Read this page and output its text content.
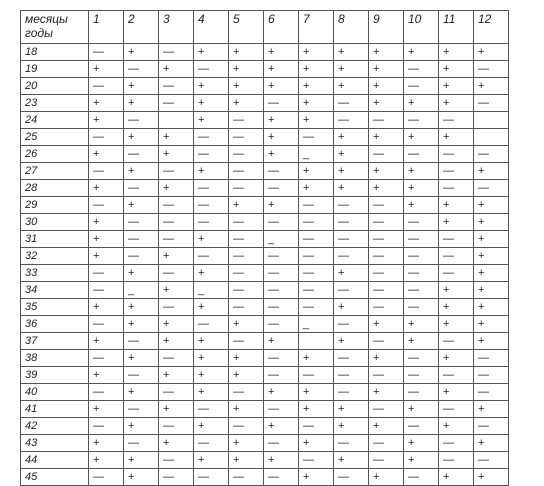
месяцы
годы	1	2	3	4	5	6	7	8	9	10	11	12
18	—	+	—	+	+	+	+	+	+	+	+	+
19	+	—	+	—	+	+	+	+	+	—	+	—
20	—	+	—	+	+	+	+	+	+	—	+	+
23	+	+	—	+	+	—	+	—	+	+	+	—
24	+	—		+	—	+	+	—	—	—	—	
25	—	+	+	—	—	+	—	+	+	+	+	
26	+	—	+	—	—	+	_	+	—	—	—	—
27	—	+	—	+	—	—	+	+	+	+	—	+
28	+	—	+	—	—	—	+	+	+	+	—	—
29	—	+	—	—	+	+	—	—	—	+	+	+
30	+	—	—	—	—	—	—	—	—	—	+	+
31	+	—	—	+	—	_	—	—	—	—	—	+
32	+	—	+	—	—	—	—	—	—	—	—	+
33	—	+	—	+	—	—	—	+	—	—	—	+
34	—	_	+	_	—	—	—	—	—	—	+	+
35	+	+	—	+	—	—	—	+	—	—	+	+
36	—	+	+	—	+	—	_	—	+	+	+	+
37	+	—	+	+	—	+		+	—	+	—	+
38	—	+	—	+	+	—	+	—	+	—	+	—
39	+	—	+	+	+	—	—	—	—	—	—	—
40	—	+	—	+	—	+	+	—	+	—	+	—
41	+	—	+	—	+	—	+	+	—	+	—	+
42	—	+	—	+	—	+	—	+	+	—	+	—
43	+	—	+	—	+	—	+	—	—	+	—	+
44	+	+	—	+	+	+	—	+	—	+	—	—
45	—	+	—	—	—	—	+	—	+	—	+	+
